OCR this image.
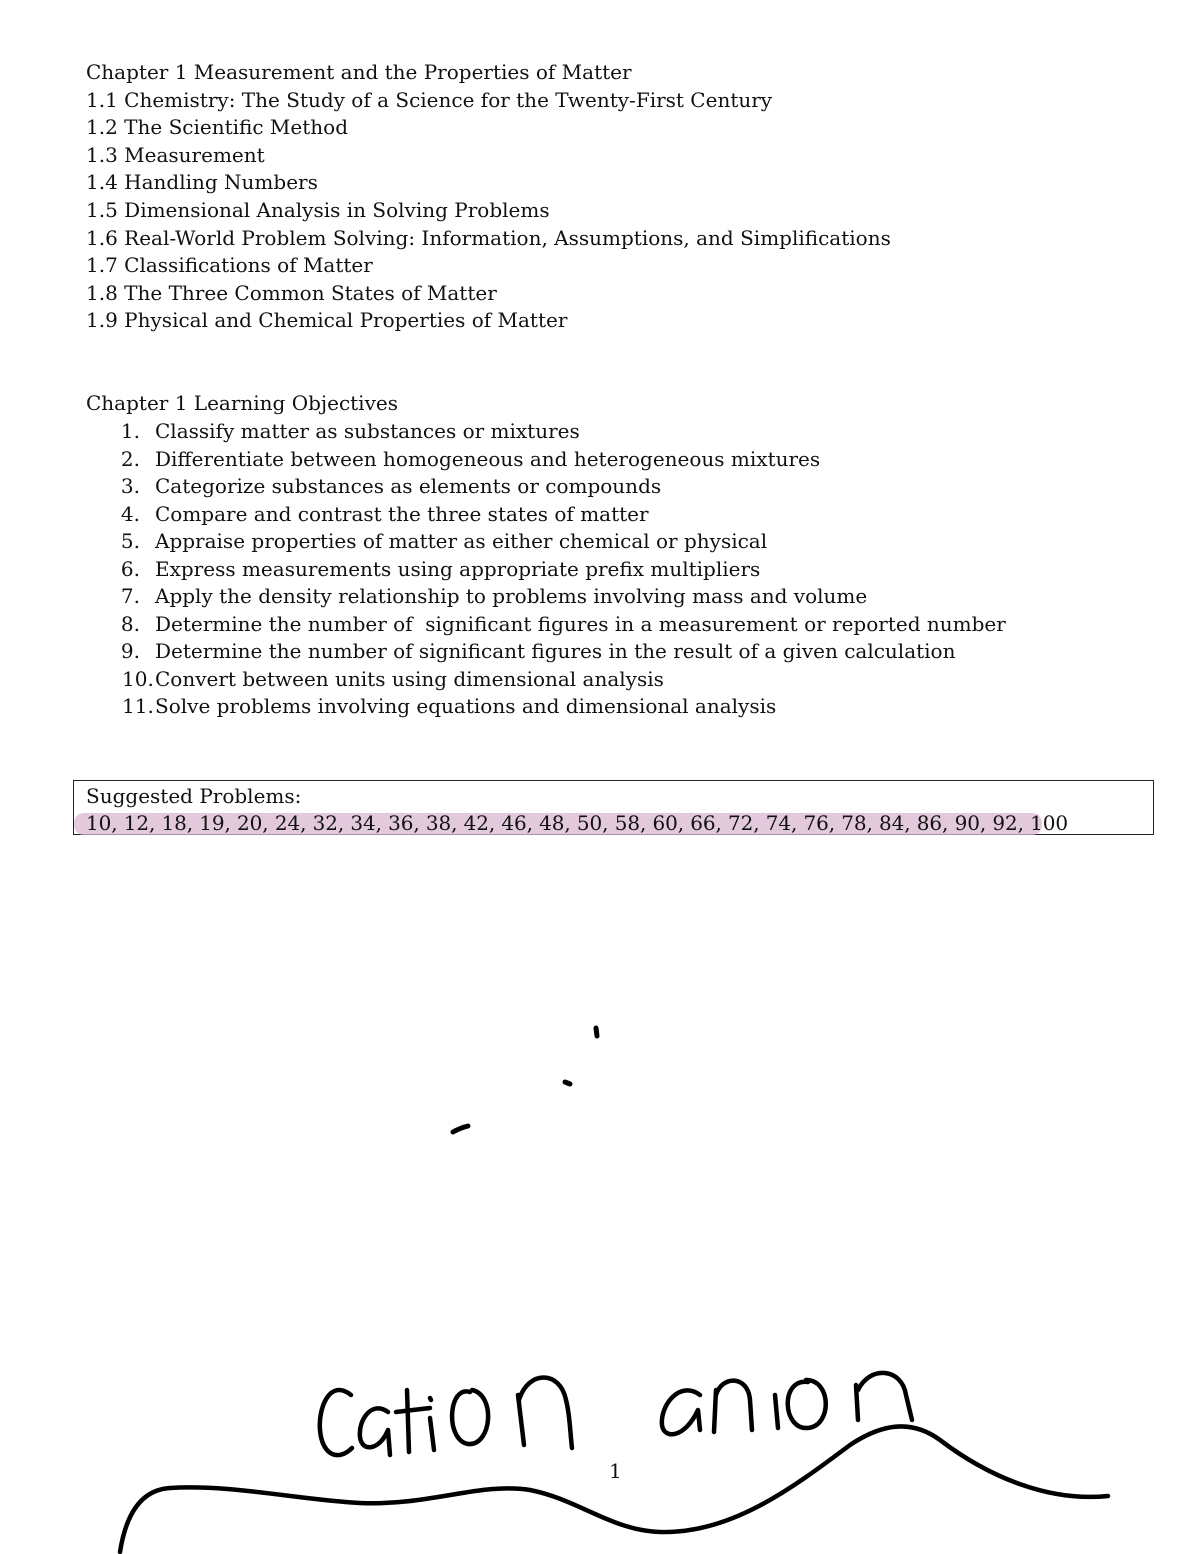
Chapter 1 Measurement and the Properties of Matter
1.1 Chemistry: The Study of a Science for the Twenty-First Century
1.2 The Scientific Method
1.3 Measurement
1.4 Handling Numbers
1.5 Dimensional Analysis in Solving Problems
1.6 Real-World Problem Solving: Information, Assumptions, and Simplifications
1.7 Classifications of Matter
1.8 The Three Common States of Matter
1.9 Physical and Chemical Properties of Matter
Chapter 1 Learning Objectives
1. Classify matter as substances or mixtures
2. Differentiate between homogeneous and heterogeneous mixtures
3. Categorize substances as elements or compounds
4. Compare and contrast the three states of matter
5. Appraise properties of matter as either chemical or physical
6. Express measurements using appropriate prefix multipliers
7. Apply the density relationship to problems involving mass and volume
8. Determine the number of  significant figures in a measurement or reported number
9. Determine the number of significant figures in the result of a given calculation
10. Convert between units using dimensional analysis
11. Solve problems involving equations and dimensional analysis
Suggested Problems:
10, 12, 18, 19, 20, 24, 32, 34, 36, 38, 42, 46, 48, 50, 58, 60, 66, 72, 74, 76, 78, 84, 86, 90, 92, 100
1
